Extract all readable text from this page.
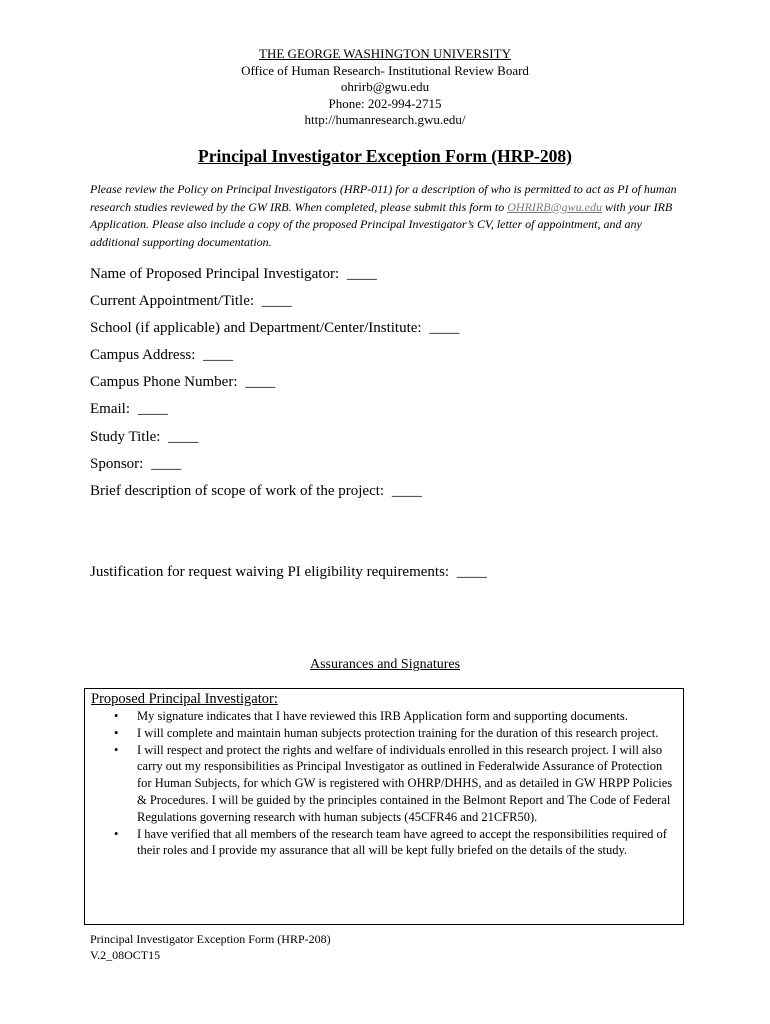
THE GEORGE WASHINGTON UNIVERSITY
Office of Human Research- Institutional Review Board
ohrirb@gwu.edu
Phone: 202-994-2715
http://humanresearch.gwu.edu/
Principal Investigator Exception Form (HRP-208)
Please review the Policy on Principal Investigators (HRP-011) for a description of who is permitted to act as PI of human research studies reviewed by the GW IRB. When completed, please submit this form to OHRIRB@gwu.edu with your IRB Application. Please also include a copy of the proposed Principal Investigator’s CV, letter of appointment, and any additional supporting documentation.
Name of Proposed Principal Investigator: ____
Current Appointment/Title: ____
School (if applicable) and Department/Center/Institute: ____
Campus Address: ____
Campus Phone Number: ____
Email: ____
Study Title: ____
Sponsor: ____
Brief description of scope of work of the project: ____
Justification for request waiving PI eligibility requirements: ____
Assurances and Signatures
Proposed Principal Investigator:
• My signature indicates that I have reviewed this IRB Application form and supporting documents.
• I will complete and maintain human subjects protection training for the duration of this research project.
• I will respect and protect the rights and welfare of individuals enrolled in this research project. I will also carry out my responsibilities as Principal Investigator as outlined in Federalwide Assurance of Protection for Human Subjects, for which GW is registered with OHRP/DHHS, and as detailed in GW HRPP Policies & Procedures. I will be guided by the principles contained in the Belmont Report and The Code of Federal Regulations governing research with human subjects (45CFR46 and 21CFR50).
• I have verified that all members of the research team have agreed to accept the responsibilities required of their roles and I provide my assurance that all will be kept fully briefed on the details of the study.
Principal Investigator Exception Form (HRP-208)
V.2_08OCT15
